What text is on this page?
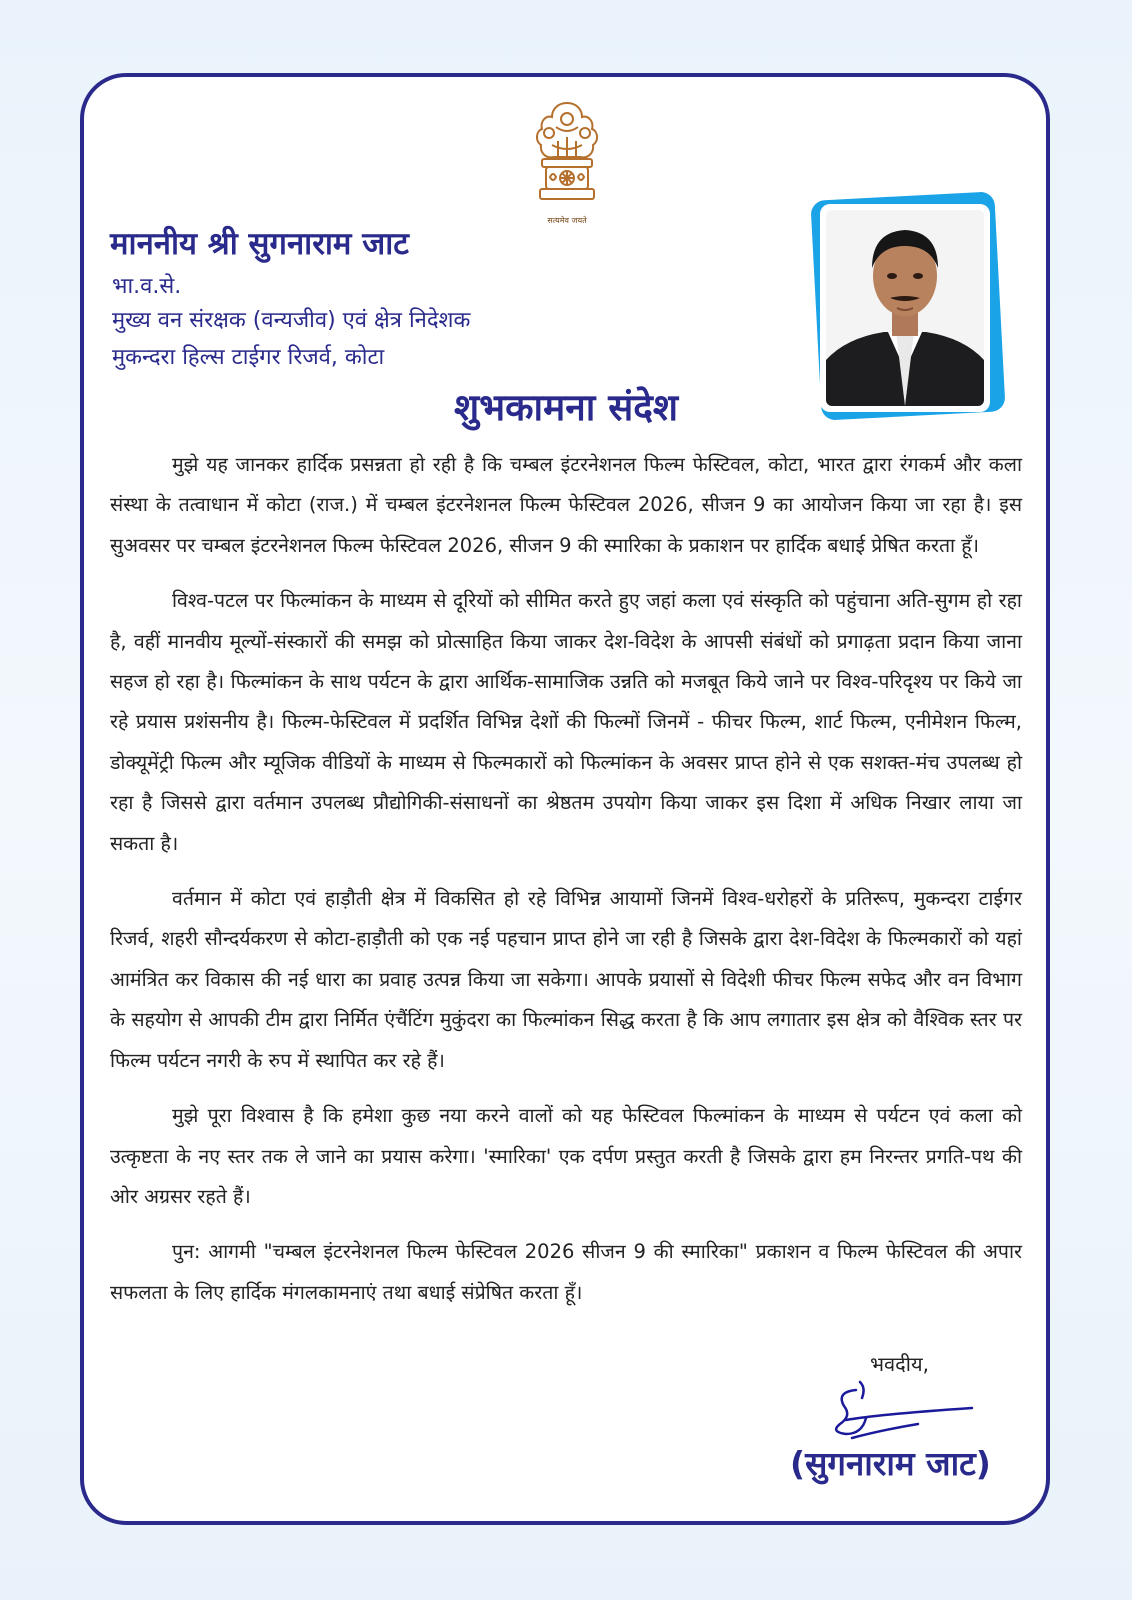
सत्यमेव जयते
माननीय श्री सुगनाराम जाट

भा.व.से.

मुख्य वन संरक्षक (वन्यजीव) एवं क्षेत्र निदेशक

मुकन्दरा हिल्स टाईगर रिजर्व, कोटा

शुभकामना संदेश

मुझे यह जानकर हार्दिक प्रसन्नता हो रही है कि चम्बल इंटरनेशनल फिल्म फेस्टिवल, कोटा, भारत द्वारा रंगकर्म और कला संस्था के तत्वाधान में कोटा (राज.) में चम्बल इंटरनेशनल फिल्म फेस्टिवल 2026, सीजन 9 का आयोजन किया जा रहा है। इस सुअवसर पर चम्बल इंटरनेशनल फिल्म फेस्टिवल 2026, सीजन 9 की स्मारिका के प्रकाशन पर हार्दिक बधाई प्रेषित करता हूँ।

विश्व-पटल पर फिल्मांकन के माध्यम से दूरियों को सीमित करते हुए जहां कला एवं संस्कृति को पहुंचाना अति-सुगम हो रहा है, वहीं मानवीय मूल्यों-संस्कारों की समझ को प्रोत्साहित किया जाकर देश-विदेश के आपसी संबंधों को प्रगाढ़ता प्रदान किया जाना सहज हो रहा है। फिल्मांकन के साथ पर्यटन के द्वारा आर्थिक-सामाजिक उन्नति को मजबूत किये जाने पर विश्व-परिदृश्य पर किये जा रहे प्रयास प्रशंसनीय है। फिल्म-फेस्टिवल में प्रदर्शित विभिन्न देशों की फिल्मों जिनमें - फीचर फिल्म, शार्ट फिल्म, एनीमेशन फिल्म, डोक्यूमेंट्री फिल्म और म्यूजिक वीडियों के माध्यम से फिल्मकारों को फिल्मांकन के अवसर प्राप्त होने से एक सशक्त-मंच उपलब्ध हो रहा है जिससे द्वारा वर्तमान उपलब्ध प्रौद्योगिकी-संसाधनों का श्रेष्ठतम उपयोग किया जाकर इस दिशा में अधिक निखार लाया जा सकता है।

वर्तमान में कोटा एवं हाड़ौती क्षेत्र में विकसित हो रहे विभिन्न आयामों जिनमें विश्व-धरोहरों के प्रतिरूप, मुकन्दरा टाईगर रिजर्व, शहरी सौन्दर्यकरण से कोटा-हाड़ौती को एक नई पहचान प्राप्त होने जा रही है जिसके द्वारा देश-विदेश के फिल्मकारों को यहां आमंत्रित कर विकास की नई धारा का प्रवाह उत्पन्न किया जा सकेगा। आपके प्रयासों से विदेशी फीचर फिल्म सफेद और वन विभाग के सहयोग से आपकी टीम द्वारा निर्मित एंचैंटिंग मुकुंदरा का फिल्मांकन सिद्ध करता है कि आप लगातार इस क्षेत्र को वैश्विक स्तर पर फिल्म पर्यटन नगरी के रुप में स्थापित कर रहे हैं।

मुझे पूरा विश्वास है कि हमेशा कुछ नया करने वालों को यह फेस्टिवल फिल्मांकन के माध्यम से पर्यटन एवं कला को उत्कृष्टता के नए स्तर तक ले जाने का प्रयास करेगा। 'स्मारिका' एक दर्पण प्रस्तुत करती है जिसके द्वारा हम निरन्तर प्रगति-पथ की ओर अग्रसर रहते हैं।

पुन: आगमी "चम्बल इंटरनेशनल फिल्म फेस्टिवल 2026 सीजन 9 की स्मारिका" प्रकाशन व फिल्म फेस्टिवल की अपार सफलता के लिए हार्दिक मंगलकामनाएं तथा बधाई संप्रेषित करता हूँ।

भवदीय,
(सुगनाराम जाट)
